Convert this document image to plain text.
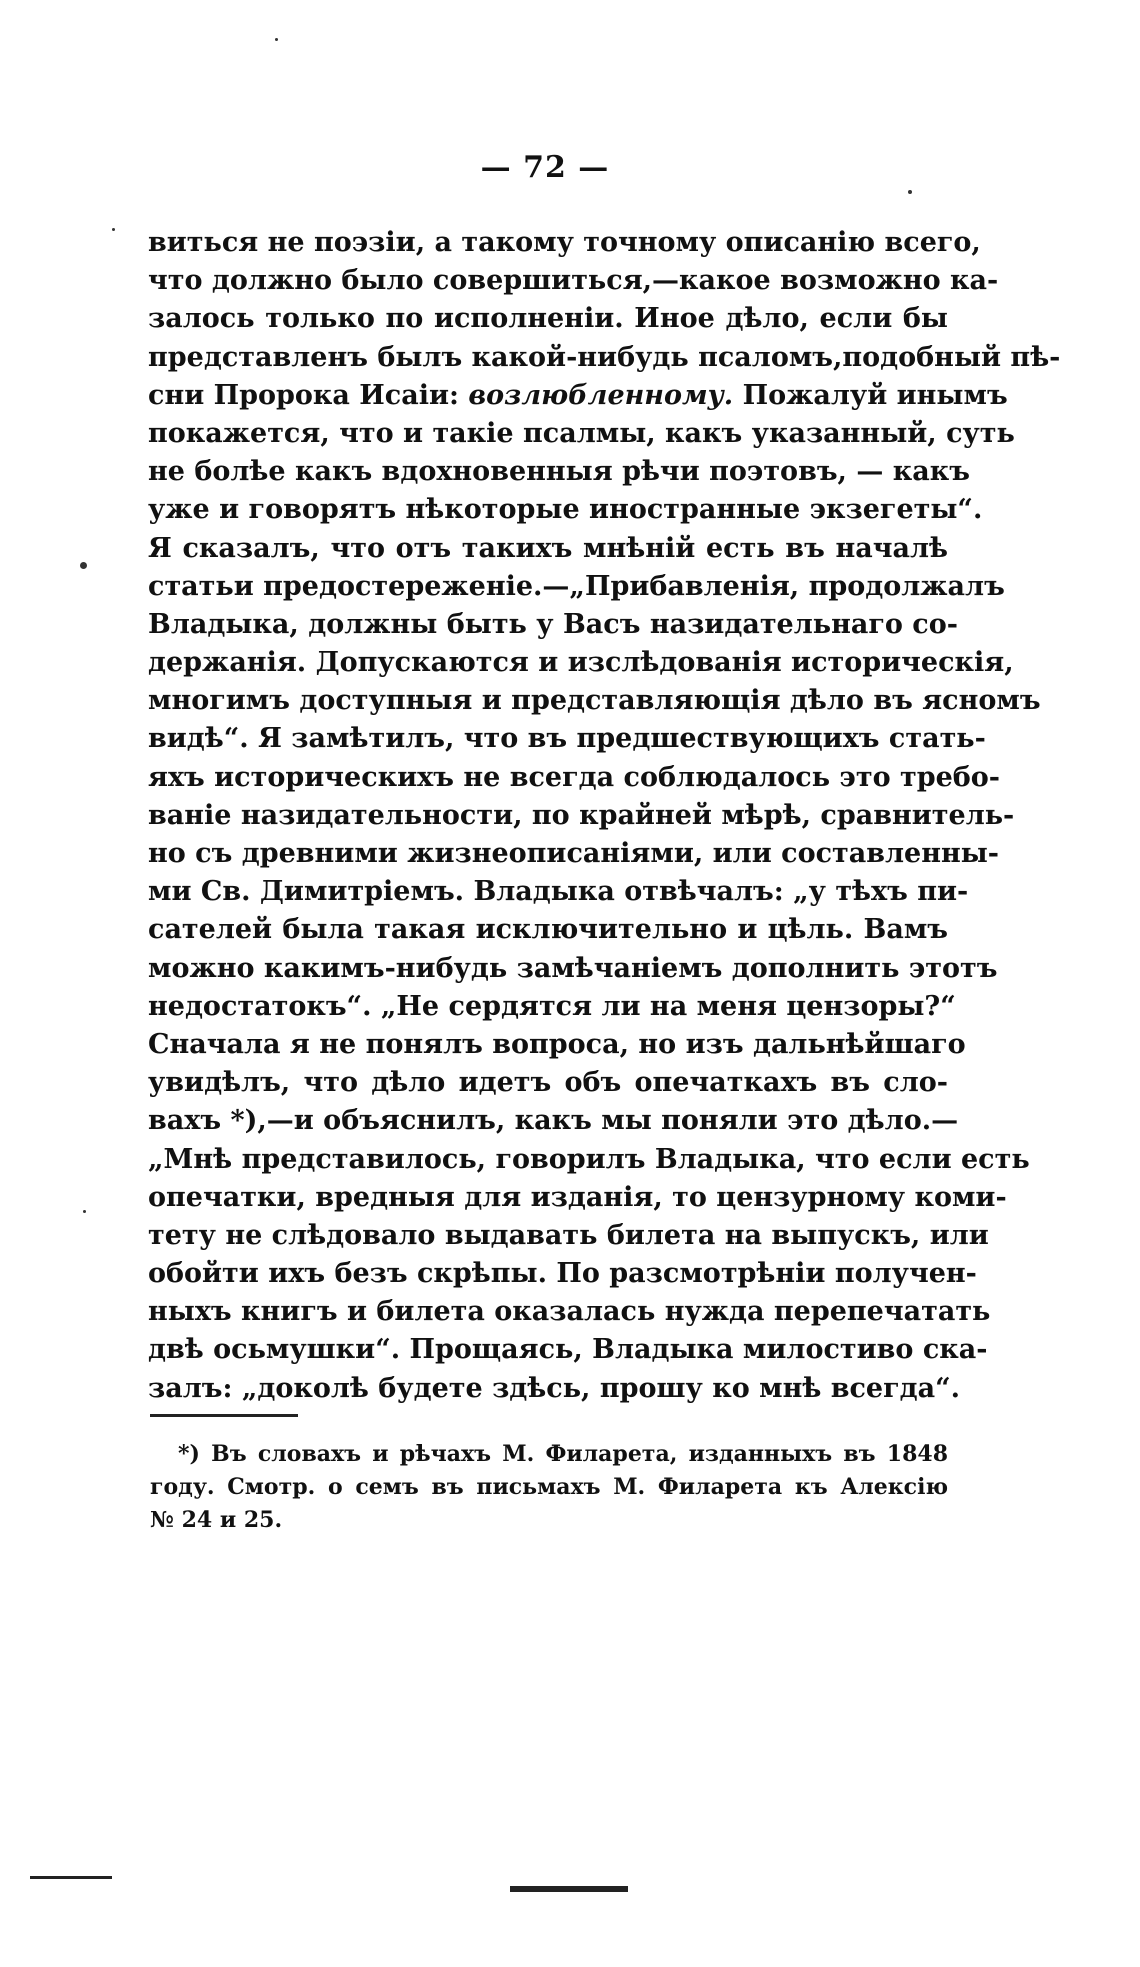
— 72 —
виться не поэзіи, а такому точному описанію всего,
что должно было совершиться,—какое возможно ка-
залось только по исполненіи. Иное дѣло, если бы
представленъ былъ какой-нибудь псаломъ,подобный пѣ-
сни Пророка Исаіи: возлюбленному. Пожалуй инымъ
покажется, что и такіе псалмы, какъ указанный, суть
не болѣе какъ вдохновенныя рѣчи поэтовъ, — какъ
уже и говорятъ нѣкоторые иностранные экзегеты“.
Я сказалъ, что отъ такихъ мнѣній есть въ началѣ
статьи предостереженіе.—„Прибавленія, продолжалъ
Владыка, должны быть у Васъ назидательнаго со-
держанія. Допускаются и изслѣдованія историческія,
многимъ доступныя и представляющія дѣло въ ясномъ
видѣ“. Я замѣтилъ, что въ предшествующихъ стать-
яхъ историческихъ не всегда соблюдалось это требо-
ваніе назидательности, по крайней мѣрѣ, сравнитель-
но съ древними жизнеописаніями, или составленны-
ми Св. Димитріемъ. Владыка отвѣчалъ: „у тѣхъ пи-
сателей была такая исключительно и цѣль. Вамъ
можно какимъ-нибудь замѣчаніемъ дополнить этотъ
недостатокъ“. „Не сердятся ли на меня цензоры?“
Сначала я не понялъ вопроса, но изъ дальнѣйшаго
увидѣлъ, что дѣло идетъ объ опечаткахъ въ сло-
вахъ *),—и объяснилъ, какъ мы поняли это дѣло.—
„Мнѣ представилось, говорилъ Владыка, что если есть
опечатки, вредныя для изданія, то цензурному коми-
тету не слѣдовало выдавать билета на выпускъ, или
обойти ихъ безъ скрѣпы. По разсмотрѣніи получен-
ныхъ книгъ и билета оказалась нужда перепечатать
двѣ осьмушки“. Прощаясь, Владыка милостиво ска-
залъ: „доколѣ будете здѣсь, прошу ко мнѣ всегда“.
*) Въ словахъ и рѣчахъ М. Филарета, изданныхъ въ 1848
году. Смотр. о семъ въ письмахъ М. Филарета къ Алексію
№ 24 и 25.
